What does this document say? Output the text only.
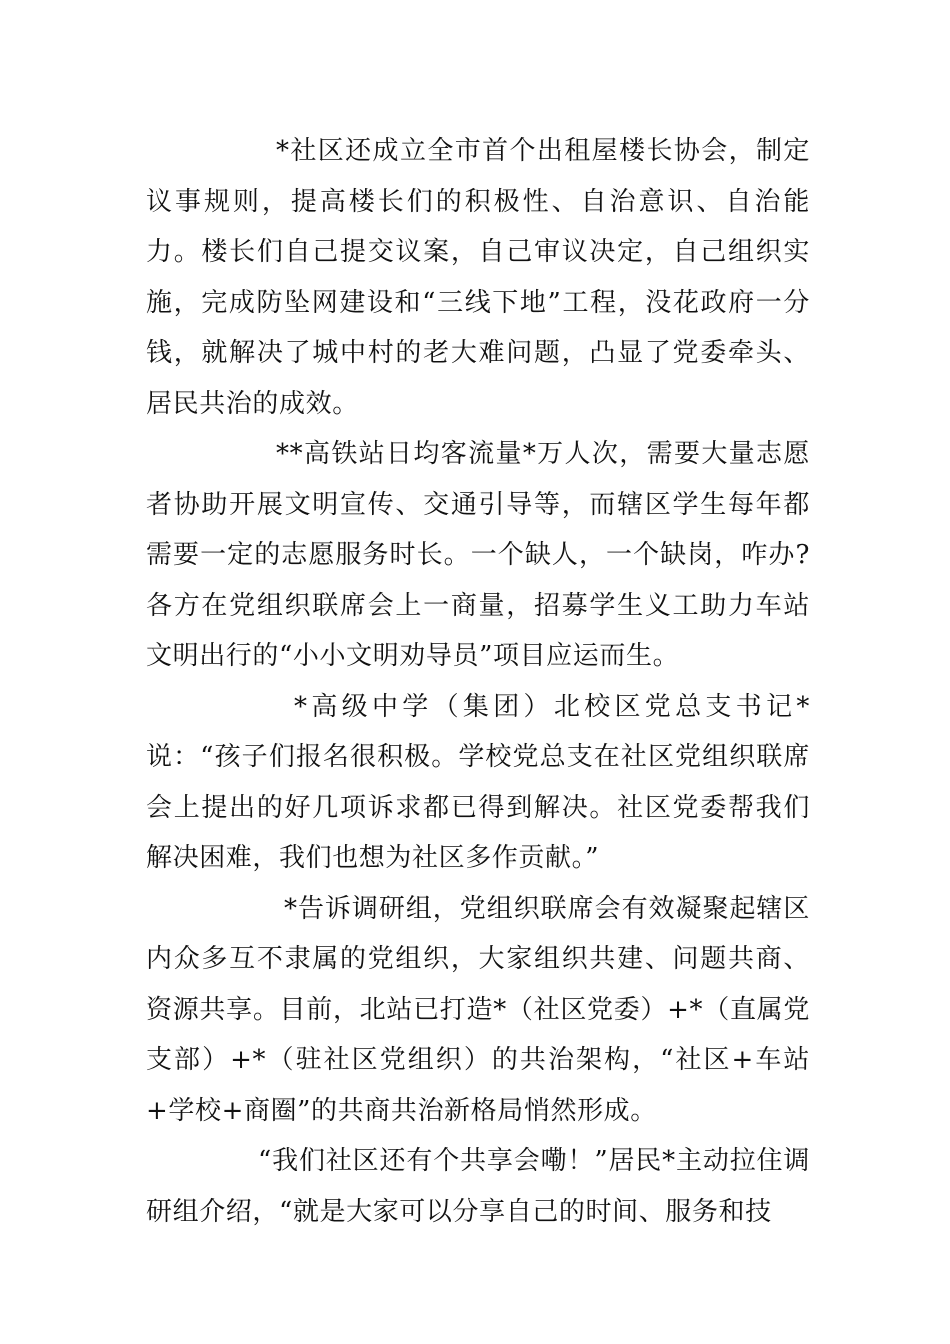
*社区还成立全市首个出租屋楼长协会，制定议事规则，提高楼长们的积极性、自治意识、自治能力。楼长们自己提交议案，自己审议决定，自己组织实施，完成防坠网建设和“三线下地”工程，没花政府一分钱，就解决了城中村的老大难问题，凸显了党委牵头、居民共治的成效。

**高铁站日均客流量*万人次，需要大量志愿者协助开展文明宣传、交通引导等，而辖区学生每年都需要一定的志愿服务时长。一个缺人，一个缺岗，咋办?各方在党组织联席会上一商量，招募学生义工助力车站文明出行的“小小文明劝导员”项目应运而生。

*高级中学（集团）北校区党总支书记*说：“孩子们报名很积极。学校党总支在社区党组织联席会上提出的好几项诉求都已得到解决。社区党委帮我们解决困难，我们也想为社区多作贡献。”

*告诉调研组，党组织联席会有效凝聚起辖区内众多互不隶属的党组织，大家组织共建、问题共商、资源共享。目前，北站已打造*（社区党委）+*（直属党支部）+*（驻社区党组织）的共治架构，“社区+车站+学校+商圈”的共商共治新格局悄然形成。

“我们社区还有个共享会嘞！”居民*主动拉住调研组介绍，“就是大家可以分享自己的时间、服务和技
